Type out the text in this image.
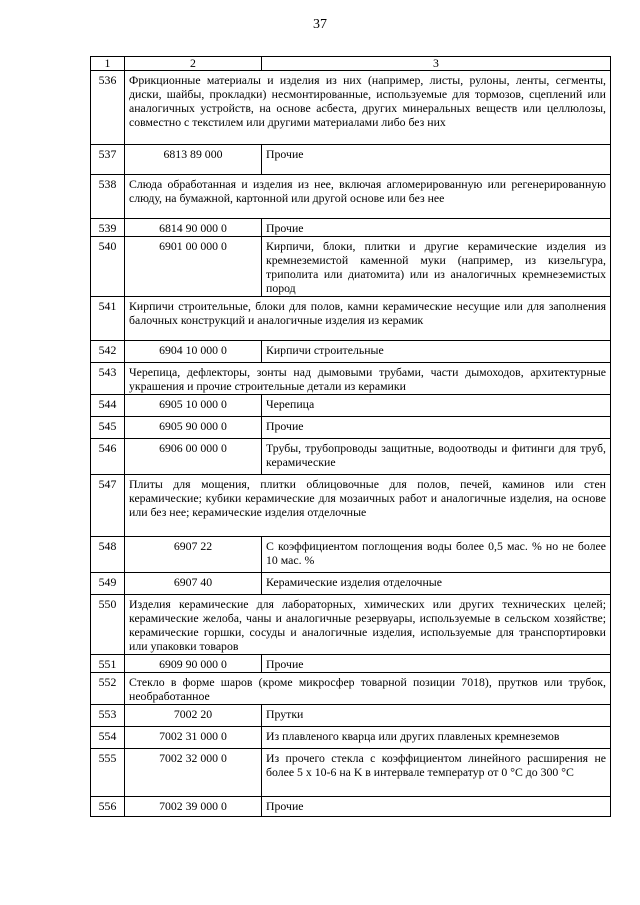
37
1	2	3
536	Фрикционные материалы и изделия из них (например, листы, рулоны, ленты, сегменты, диски, шайбы, прокладки) несмонтированные, используемые для тормозов, сцеплений или аналогичных устройств, на основе асбеста, других минеральных веществ или целлюлозы, совместно с текстилем или другими материалами либо без них	
537	6813 89 000	Прочие
538	Слюда обработанная и изделия из нее, включая агломерированную или регенерированную слюду, на бумажной, картонной или другой основе или без нее	
539	6814 90 000 0	Прочие
540	6901 00 000 0	Кирпичи, блоки, плитки и другие керамические изделия из кремнеземистой каменной муки (например, из кизельгура, триполита или диатомита) или из аналогичных кремнеземистых пород
541	Кирпичи строительные, блоки для полов, камни керамические несущие или для заполнения балочных конструкций и аналогичные изделия из керамик	
542	6904 10 000 0	Кирпичи строительные
543	Черепица, дефлекторы, зонты над дымовыми трубами, части дымоходов, архитектурные украшения и прочие строительные детали из керамики	
544	6905 10 000 0	Черепица
545	6905 90 000 0	Прочие
546	6906 00 000 0	Трубы, трубопроводы защитные, водоотводы и фитинги для труб, керамические
547	Плиты для мощения, плитки облицовочные для полов, печей, каминов или стен керамические; кубики керамические для мозаичных работ и аналогичные изделия, на основе или без нее; керамические изделия отделочные	
548	6907 22	С коэффициентом поглощения воды более 0,5 мас. % но не более 10 мас. %
549	6907 40	Керамические изделия отделочные
550	Изделия керамические для лабораторных, химических или других технических целей; керамические желоба, чаны и аналогичные резервуары, используемые в сельском хозяйстве; керамические горшки, сосуды и аналогичные изделия, используемые для транспортировки или упаковки товаров	
551	6909 90 000 0	Прочие
552	Стекло в форме шаров (кроме микросфер товарной позиции 7018), прутков или трубок, необработанное	
553	7002 20	Прутки
554	7002 31 000 0	Из плавленого кварца или других плавленых кремнеземов
555	7002 32 000 0	Из прочего стекла с коэффициентом линейного расширения не более 5 x 10-6 на K в интервале температур от 0 °C до 300 °C
556	7002 39 000 0	Прочие
